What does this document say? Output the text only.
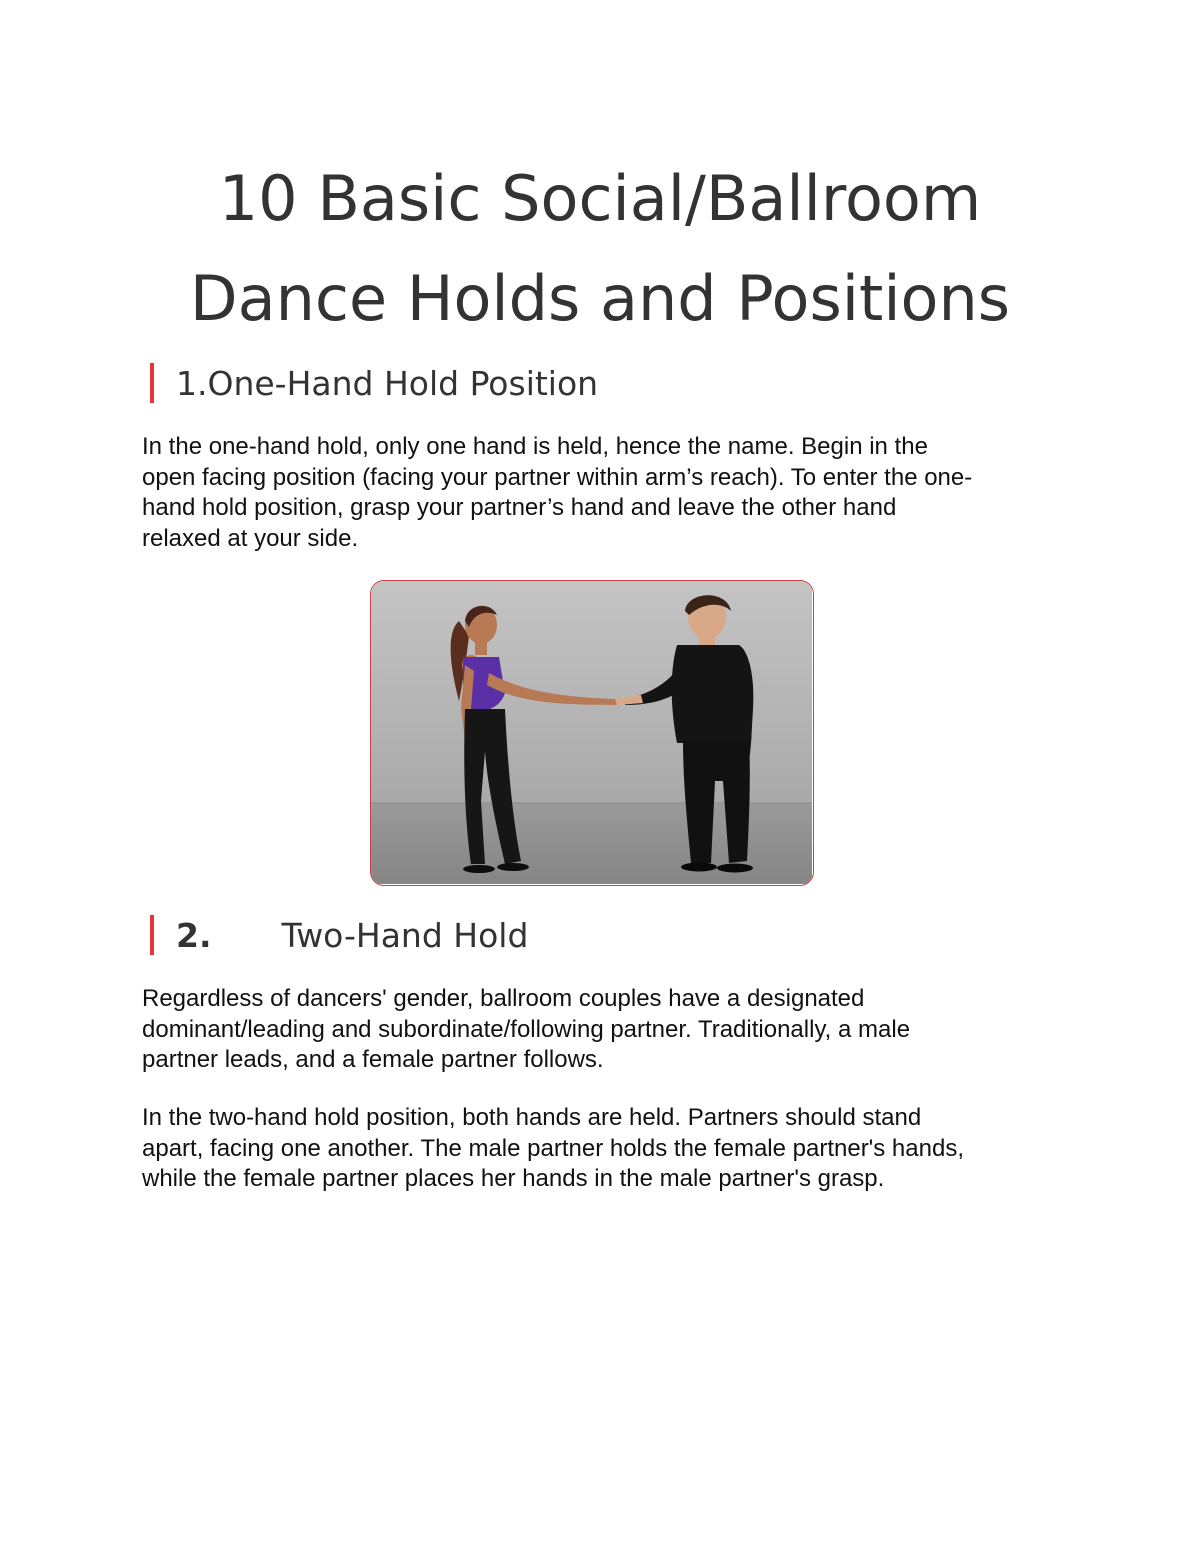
10 Basic Social/Ballroom
Dance Holds and Positions
1.One-Hand Hold Position

In the one-hand hold, only one hand is held, hence the name. Begin in the
open facing position (facing your partner within arm’s reach). To enter the one-
hand hold position, grasp your partner’s hand and leave the other hand
relaxed at your side.

2. Two-Hand Hold

Regardless of dancers' gender, ballroom couples have a designated
dominant/leading and subordinate/following partner. Traditionally, a male
partner leads, and a female partner follows.

In the two-hand hold position, both hands are held. Partners should stand
apart, facing one another. The male partner holds the female partner's hands,
while the female partner places her hands in the male partner's grasp.
